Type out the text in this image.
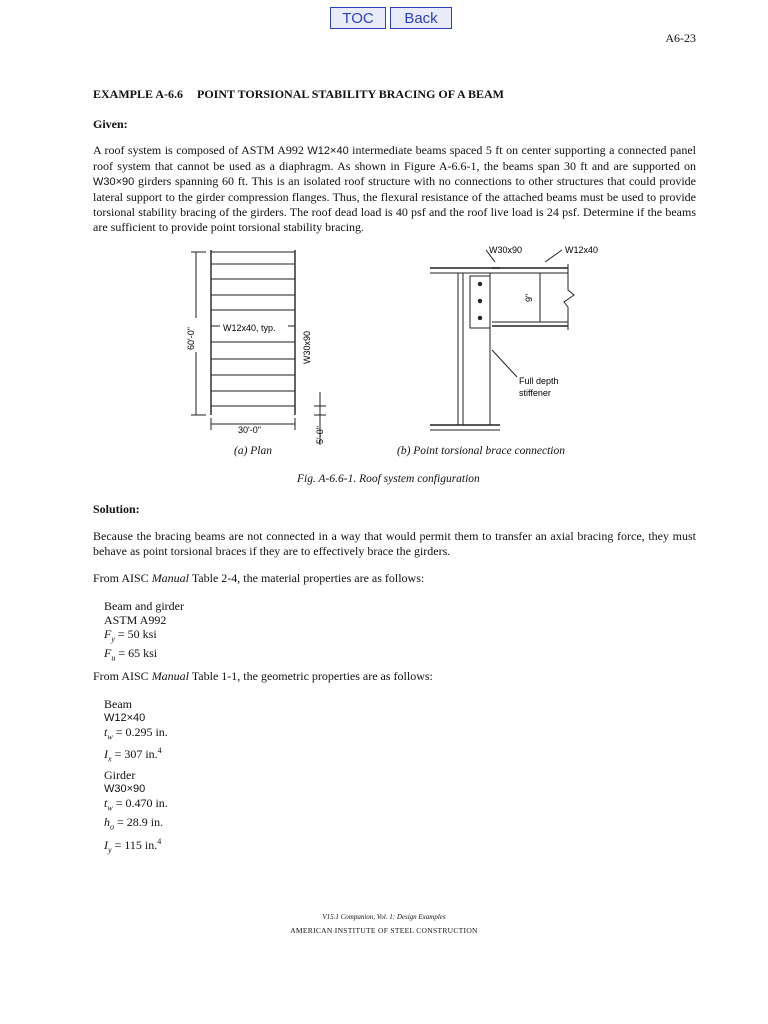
TOC	Back
A6-23
EXAMPLE A-6.6 POINT TORSIONAL STABILITY BRACING OF A BEAM
Given:

A roof system is composed of ASTM A992 W12×40 intermediate beams spaced 5 ft on center supporting a connected panel roof system that cannot be used as a diaphragm. As shown in Figure A-6.6-1, the beams span 30 ft and are supported on W30×90 girders spanning 60 ft. This is an isolated roof structure with no connections to other structures that could provide lateral support to the girder compression flanges. Thus, the flexural resistance of the attached beams must be used to provide torsional stability bracing of the girders. The roof dead load is 40 psf and the roof live load is 24 psf. Determine if the beams are sufficient to provide point torsional stability bracing.

W12x40, typ.
W30x90
60'-0"
30'-0"	5'-0"
W30x90	W12x40
9"
Full depth
stiffener
(a) Plan	(b) Point torsional brace connection
Fig. A-6.6-1. Roof system configuration
Solution:

Because the bracing beams are not connected in a way that would permit them to transfer an axial bracing force, they must behave as point torsional braces if they are to effectively brace the girders.

From AISC Manual Table 2-4, the material properties are as follows:

Beam and girder
ASTM A992
$F_y = 50$ ksi
$F_u = 65$ ksi

From AISC Manual Table 1-1, the geometric properties are as follows:

Beam
W12×40
$t_w = 0.295$ in.
$I_x = 307$ in.$^4$
Girder
W30×90
$t_w = 0.470$ in.
$h_o = 28.9$ in.
$I_y = 115$ in.$^4$
V15.1 Companion, Vol. 1: Design Examples
AMERICAN INSTITUTE OF STEEL CONSTRUCTION
